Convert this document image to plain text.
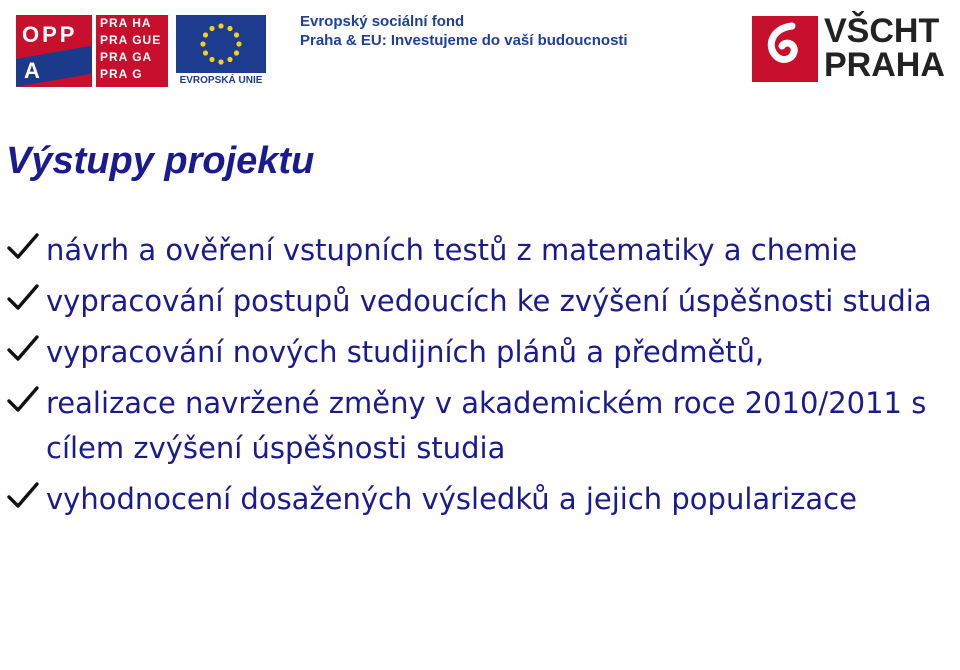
OPP
A
PRA HA
PRA GUE
PRA GA
PRA G	EVROPSKÁ UNIE
Evropský sociální fond
Praha & EU: Investujeme do vaší budoucnosti	VŠCHT
PRAHA
Výstupy projektu
návrh a ověření vstupních testů z matematiky a chemie
vypracování postupů vedoucích ke zvýšení úspěšnosti studia
vypracování nových studijních plánů a předmětů,
realizace navržené změny v akademickém roce 2010/2011 s cílem zvýšení úspěšnosti studia
vyhodnocení dosažených výsledků a jejich popularizace
